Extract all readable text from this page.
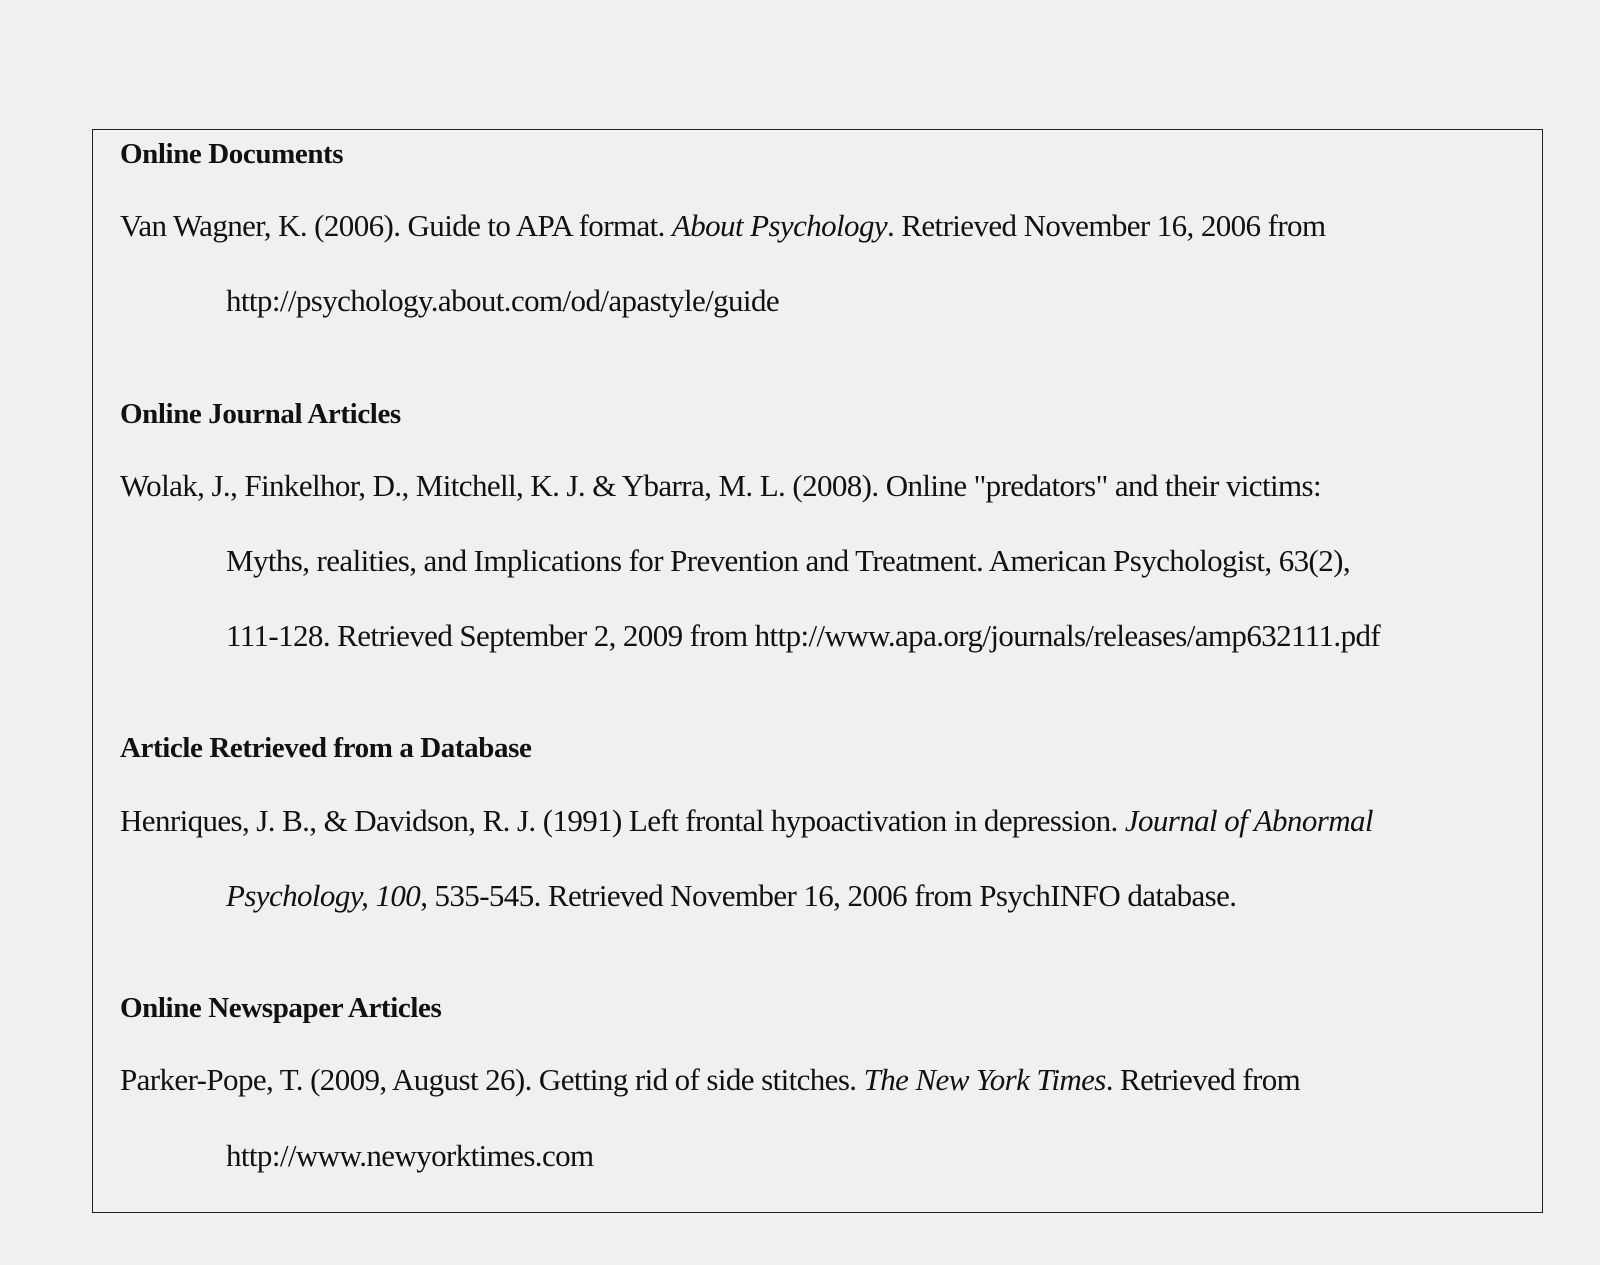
Online Documents
Van Wagner, K. (2006). Guide to APA format. About Psychology. Retrieved November 16, 2006 from
http://psychology.about.com/od/apastyle/guide
Online Journal Articles
Wolak, J., Finkelhor, D., Mitchell, K. J. & Ybarra, M. L. (2008). Online "predators" and their victims:
Myths, realities, and Implications for Prevention and Treatment. American Psychologist, 63(2),
111-128. Retrieved September 2, 2009 from http://www.apa.org/journals/releases/amp632111.pdf
Article Retrieved from a Database
Henriques, J. B., & Davidson, R. J. (1991) Left frontal hypoactivation in depression. Journal of Abnormal
Psychology, 100, 535-545. Retrieved November 16, 2006 from PsychINFO database.
Online Newspaper Articles
Parker-Pope, T. (2009, August 26). Getting rid of side stitches. The New York Times. Retrieved from
http://www.newyorktimes.com
